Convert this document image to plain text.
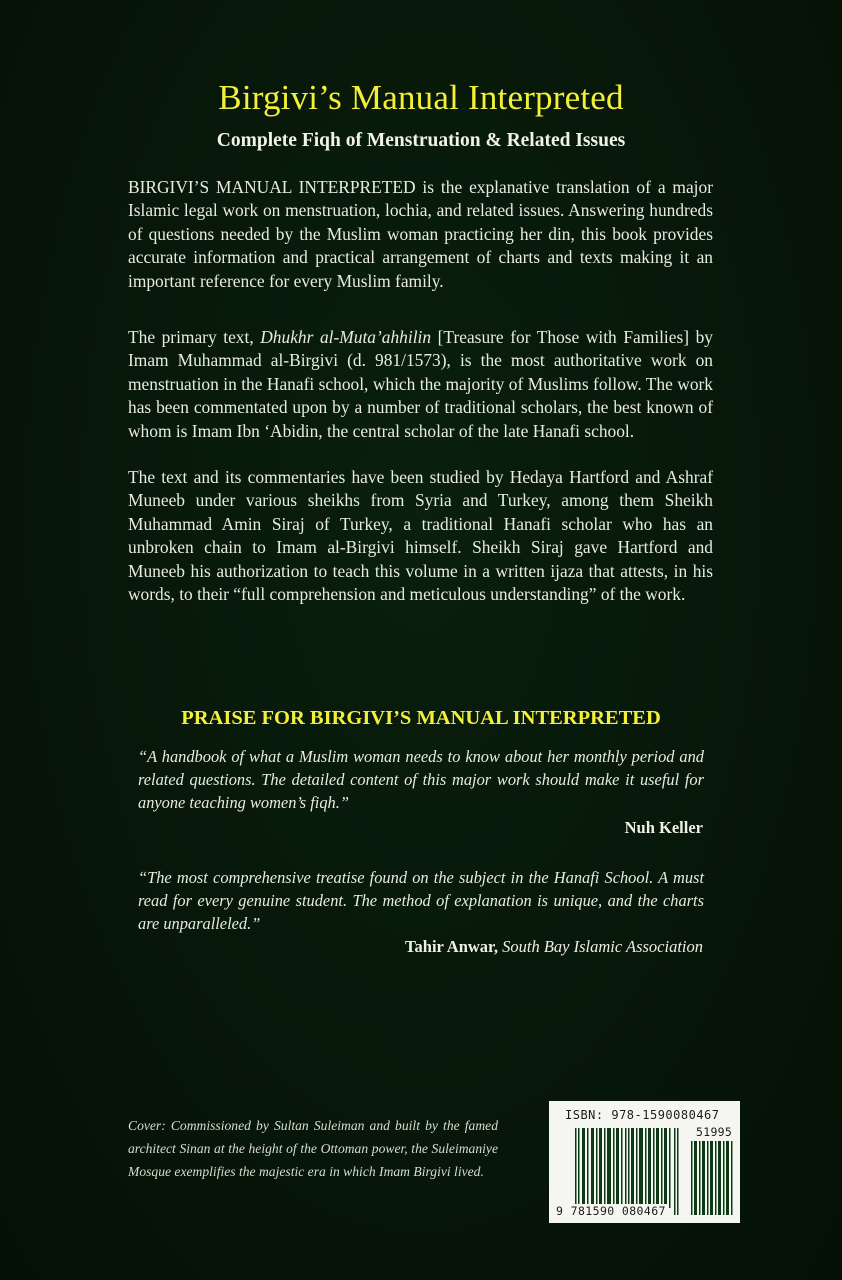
Birgivi’s Manual Interpreted
Complete Fiqh of Menstruation & Related Issues

BIRGIVI’S MANUAL INTERPRETED is the explanative translation of a major Islamic legal work on menstruation, lochia, and related issues. Answering hundreds of questions needed by the Muslim woman practicing her din, this book provides accurate information and practical arrangement of charts and texts making it an important reference for every Muslim family.

The primary text, Dhukhr al-Muta’ahhilin [Treasure for Those with Families] by Imam Muhammad al-Birgivi (d. 981/1573), is the most authoritative work on menstruation in the Hanafi school, which the majority of Muslims follow. The work has been commentated upon by a number of traditional scholars, the best known of whom is Imam Ibn ‘Abidin, the central scholar of the late Hanafi school.

The text and its commentaries have been studied by Hedaya Hartford and Ashraf Muneeb under various sheikhs from Syria and Turkey, among them Sheikh Muhammad Amin Siraj of Turkey, a traditional Hanafi scholar who has an unbroken chain to Imam al-Birgivi himself. Sheikh Siraj gave Hartford and Muneeb his authorization to teach this volume in a written ijaza that attests, in his words, to their “full comprehension and meticulous understanding” of the work.

PRAISE FOR BIRGIVI’S MANUAL INTERPRETED

“A handbook of what a Muslim woman needs to know about her monthly period and related questions. The detailed content of this major work should make it useful for anyone teaching women’s fiqh.”

Nuh Keller

“The most comprehensive treatise found on the subject in the Hanafi School. A must read for every genuine student. The method of explanation is unique, and the charts are unparalleled.”

Tahir Anwar, South Bay Islamic Association

Cover: Commissioned by Sultan Suleiman and built by the famed architect Sinan at the height of the Ottoman power, the Suleimaniye Mosque exemplifies the majestic era in which Imam Birgivi lived.

ISBN: 978-1590080467
51995
9 781590 080467
